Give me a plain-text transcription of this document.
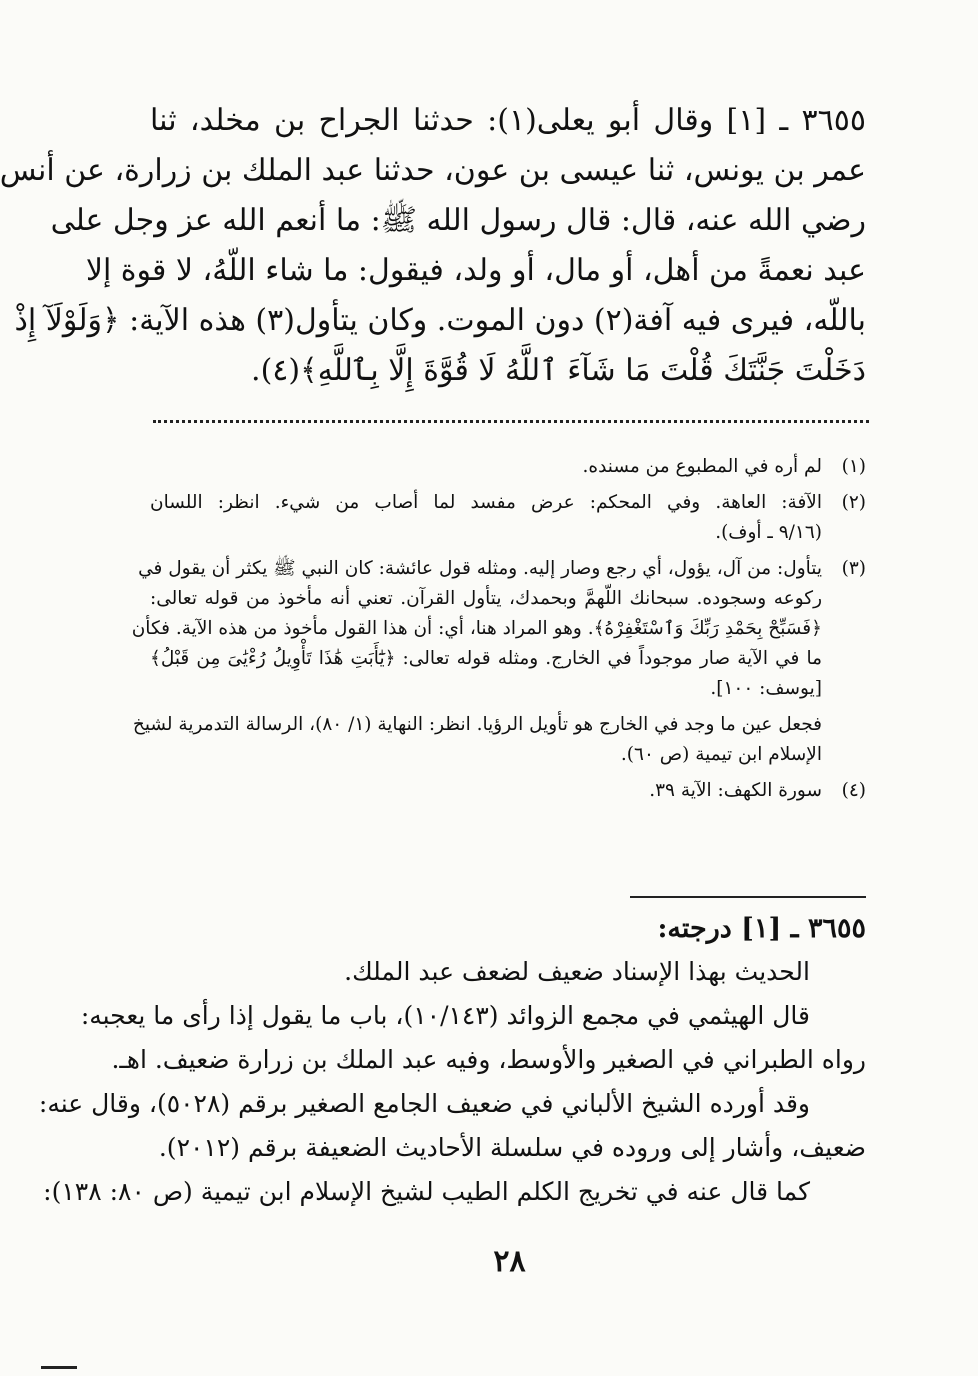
٣٦٥٥ ـ [١] وقال أبو يعلى(١): حدثنا الجراح بن مخلد، ثنا
عمر بن يونس، ثنا عيسى بن عون، حدثنا عبد الملك بن زرارة، عن أنس
رضي الله عنه، قال: قال رسول الله ﷺ: ما أنعم الله عز وجل على
عبد نعمةً من أهل، أو مال، أو ولد، فيقول: ما شاء اللّهُ، لا قوة إلا
باللّه، فيرى فيه آفة(٢) دون الموت. وكان يتأول(٣) هذه الآية: ﴿وَلَوْلَآ إِذْ
دَخَلْتَ جَنَّتَكَ قُلْتَ مَا شَآءَ ٱللَّهُ لَا قُوَّةَ إِلَّا بِٱللَّهِ﴾(٤).
(١)
لم أره في المطبوع من مسنده.
(٢)
الآفة: العاهة. وفي المحكم: عرض مفسد لما أصاب من شيء. انظر: اللسان
(٩/١٦ ـ أوف).
(٣)
يتأول: من آل، يؤول، أي رجع وصار إليه. ومثله قول عائشة: كان النبي ﷺ يكثر أن يقول في
ركوعه وسجوده. سبحانك اللّهمَّ وبحمدك، يتأول القرآن. تعني أنه مأخوذ من قوله تعالى:
﴿فَسَبِّحْ بِحَمْدِ رَبِّكَ وَٱسْتَغْفِرْهُ﴾. وهو المراد هنا، أي: أن هذا القول مأخوذ من هذه الآية. فكأن
ما في الآية صار موجوداً في الخارج. ومثله قوله تعالى: ﴿يَٰٓأَبَتِ هَٰذَا تَأْوِيلُ رُءْيَٰىَ مِن قَبْلُ﴾
[يوسف: ١٠٠].
فجعل عين ما وجد في الخارج هو تأويل الرؤيا. انظر: النهاية (١/ ٨٠)، الرسالة التدمرية لشيخ
الإسلام ابن تيمية (ص ٦٠).
(٤)
سورة الكهف: الآية ٣٩.
٣٦٥٥ ـ [١] درجته:
الحديث بهذا الإسناد ضعيف لضعف عبد الملك.
قال الهيثمي في مجمع الزوائد (١٠/١٤٣)، باب ما يقول إذا رأى ما يعجبه:
رواه الطبراني في الصغير والأوسط، وفيه عبد الملك بن زرارة ضعيف. اهـ.
وقد أورده الشيخ الألباني في ضعيف الجامع الصغير برقم (٥٠٢٨)، وقال عنه:
ضعيف، وأشار إلى وروده في سلسلة الأحاديث الضعيفة برقم (٢٠١٢).
كما قال عنه في تخريج الكلم الطيب لشيخ الإسلام ابن تيمية (ص ٨٠: ١٣٨):
٢٨
